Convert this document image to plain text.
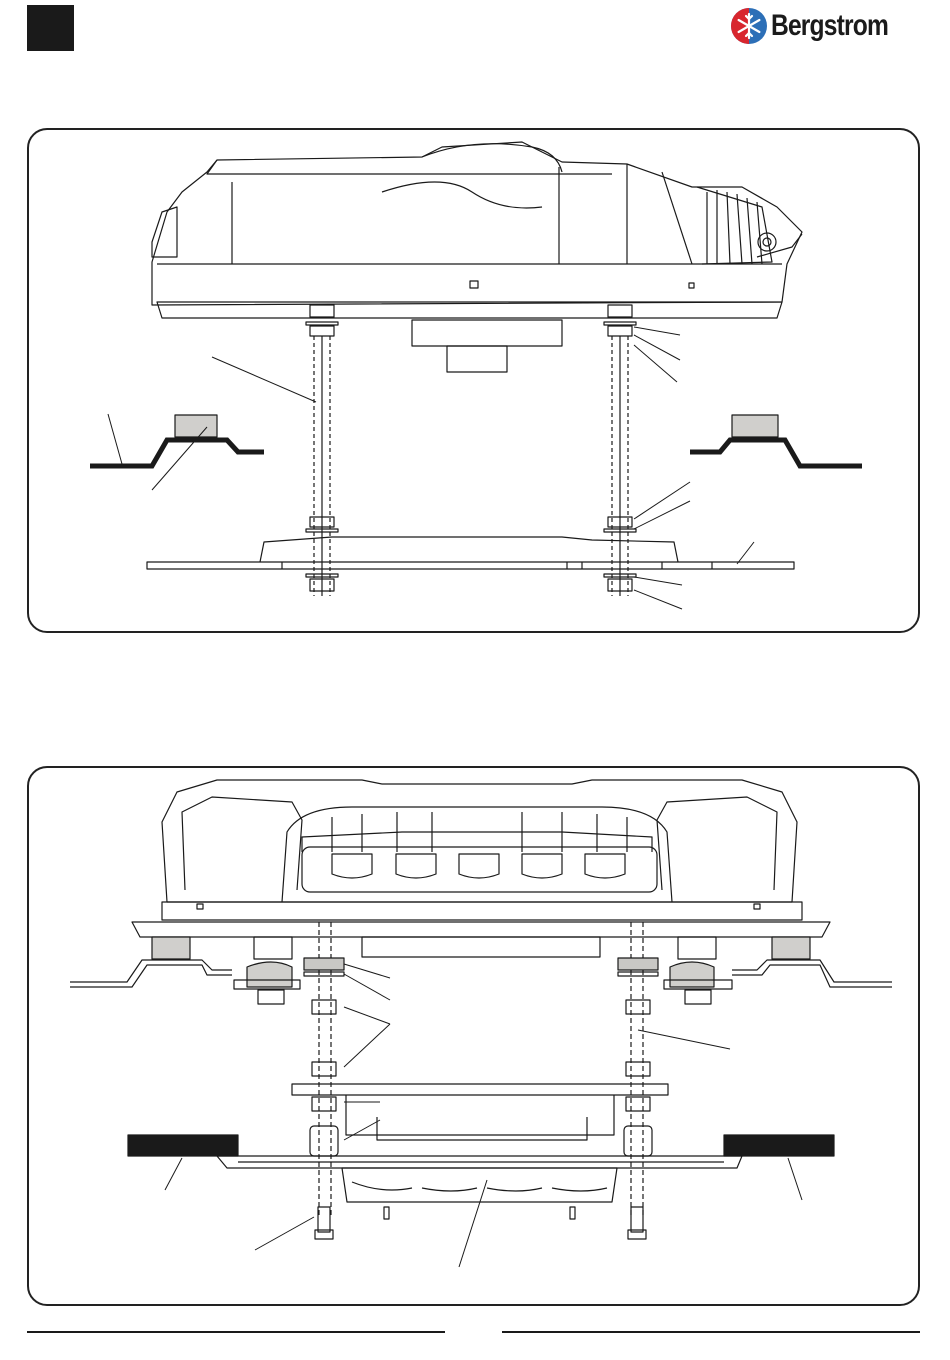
Bergstrom
